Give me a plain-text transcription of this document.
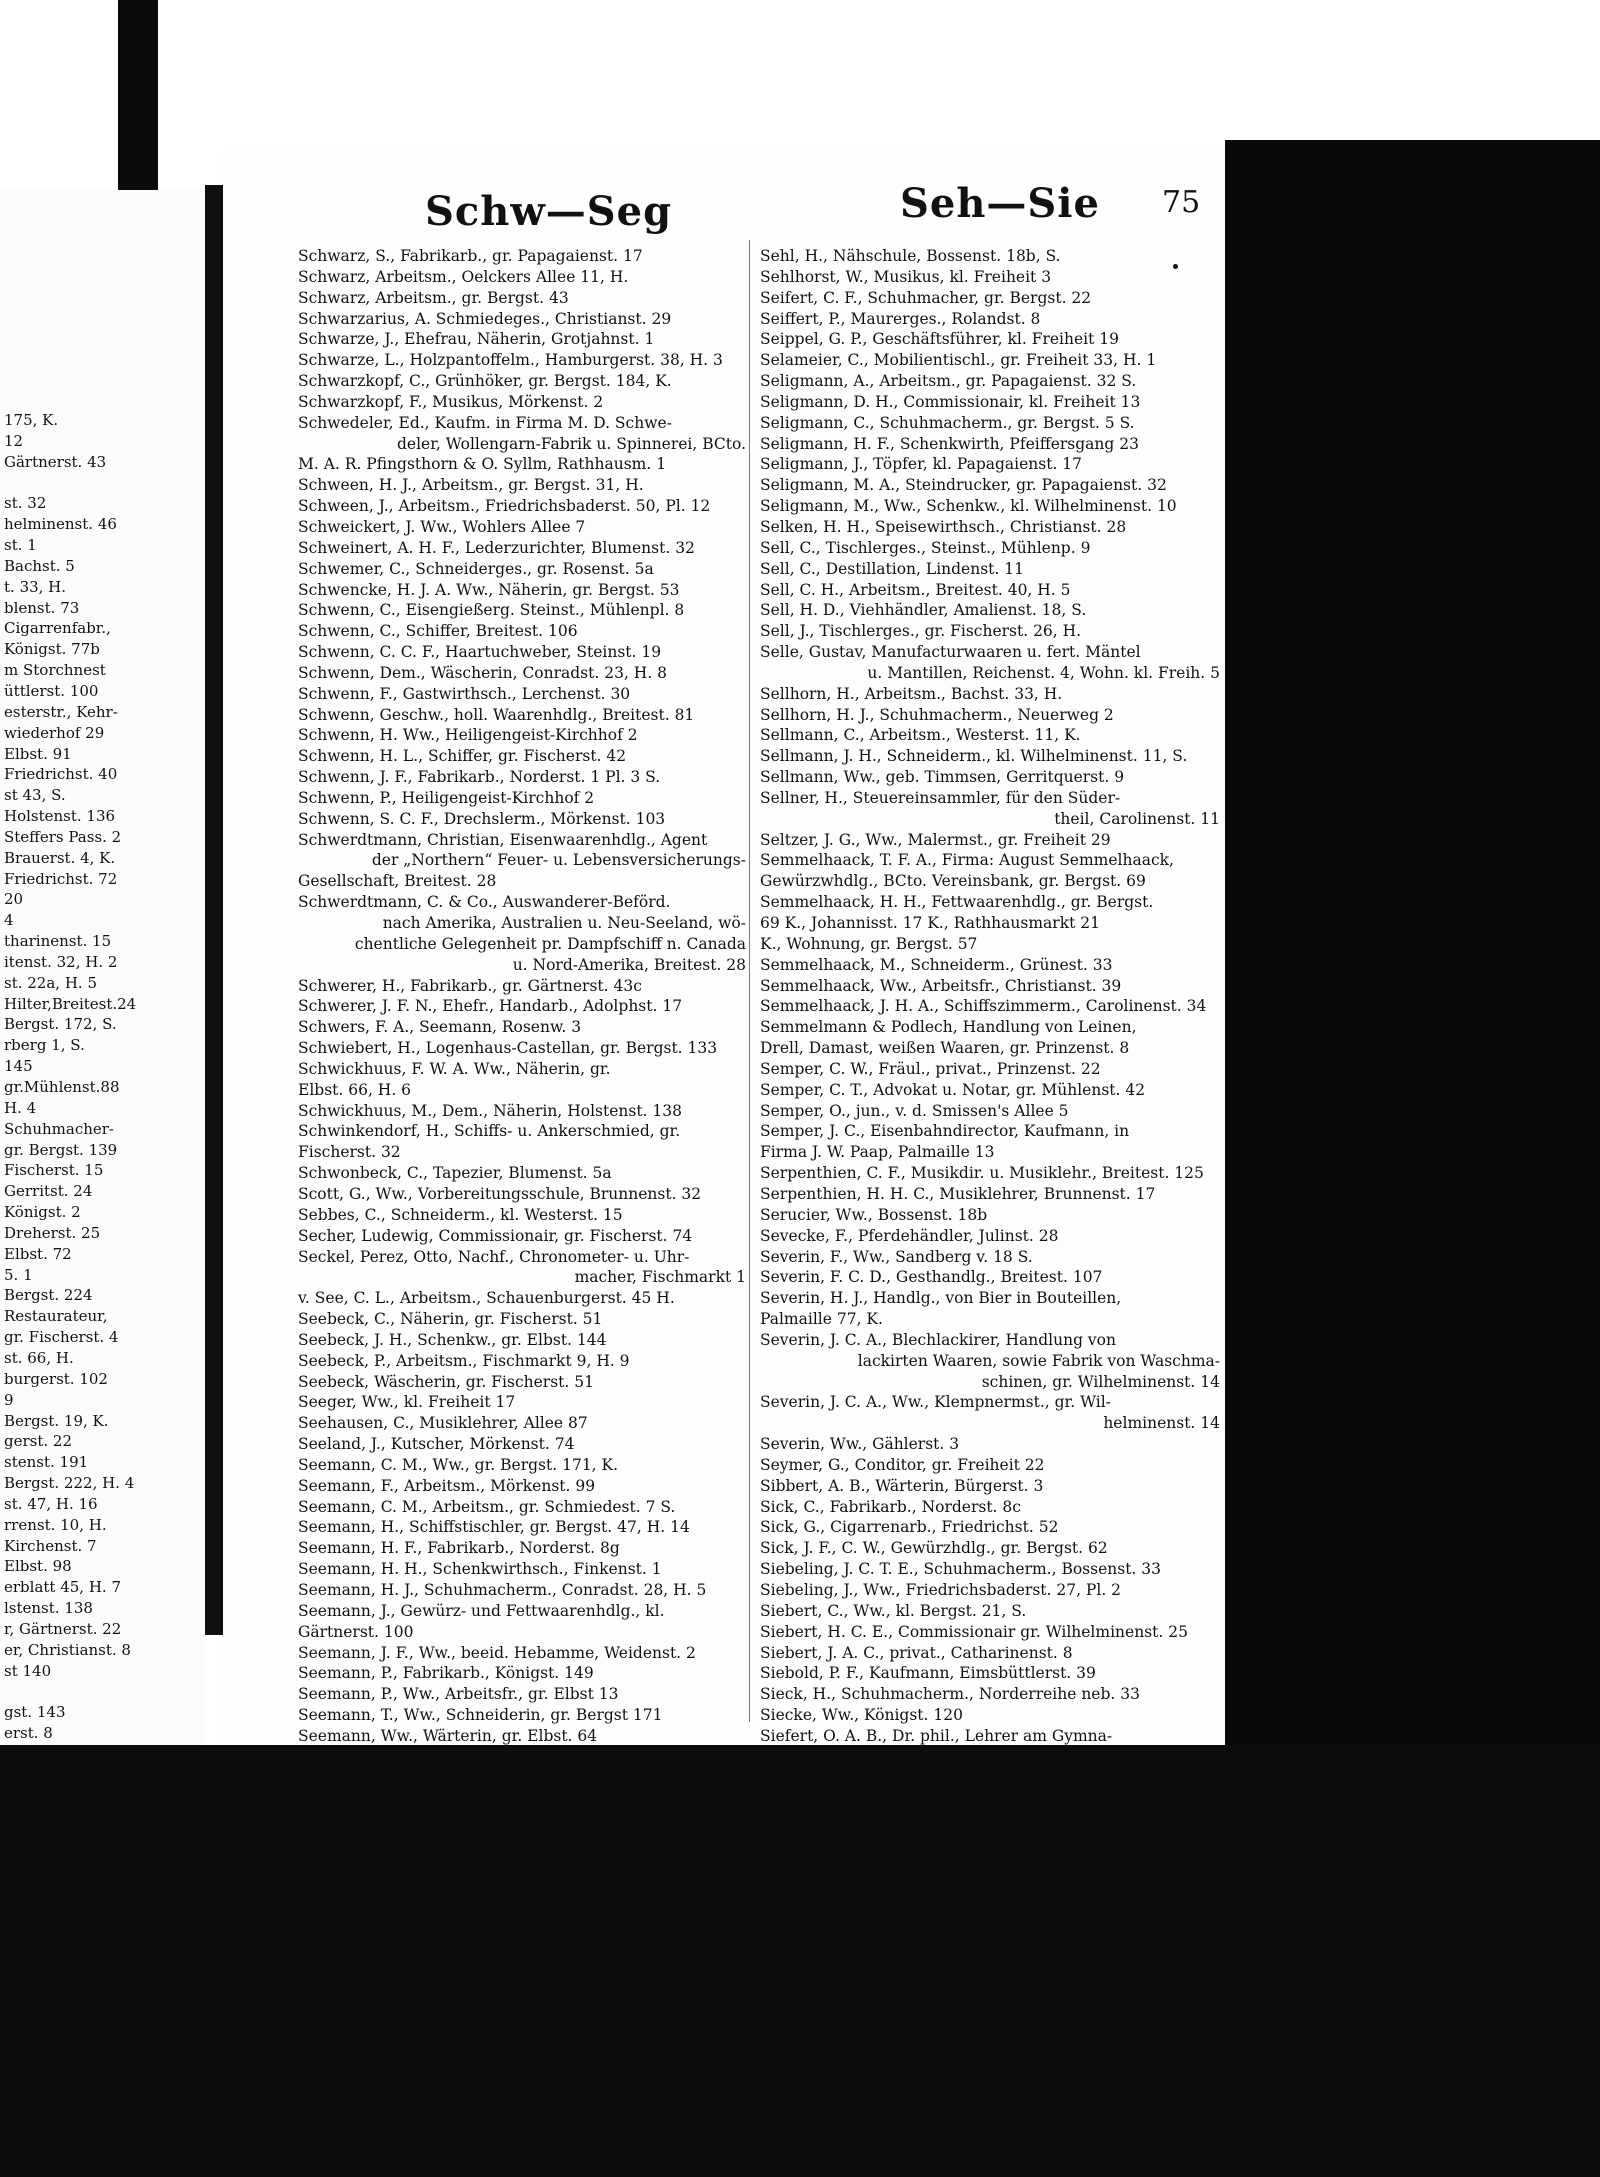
175, K.
12
Gärtnerst. 43
st. 32
helminenst. 46
st. 1
Bachst. 5
t. 33, H.
blenst. 73
Cigarrenfabr.,
Königst. 77b
m Storchnest
üttlerst. 100
esterstr., Kehr-
wiederhof 29
Elbst. 91
Friedrichst. 40
st 43, S.
Holstenst. 136
Steffers Pass. 2
Brauerst. 4, K.
Friedrichst. 72
20
4
tharinenst. 15
itenst. 32, H. 2
st. 22a, H. 5
Hilter,Breitest.24
Bergst. 172, S.
rberg 1, S.
145
gr.Mühlenst.88
H. 4
Schuhmacher-
gr. Bergst. 139
Fischerst. 15
Gerritst. 24
Königst. 2
Dreherst. 25
Elbst. 72
5. 1
Bergst. 224
Restaurateur,
gr. Fischerst. 4
st. 66, H.
burgerst. 102
9
Bergst. 19, K.
gerst. 22
stenst. 191
Bergst. 222, H. 4
st. 47, H. 16
rrenst. 10, H.
Kirchenst. 7
Elbst. 98
erblatt 45, H. 7
lstenst. 138
r, Gärtnerst. 22
er, Christianst. 8
st 140
gst. 143
erst. 8
Schw—Seg	Seh—Sie 75
Schwarz, S., Fabrikarb., gr. Papagaienst. 17
Schwarz, Arbeitsm., Oelckers Allee 11, H.
Schwarz, Arbeitsm., gr. Bergst. 43
Schwarzarius, A. Schmiedeges., Christianst. 29
Schwarze, J., Ehefrau, Näherin, Grotjahnst. 1
Schwarze, L., Holzpantoffelm., Hamburgerst. 38, H. 3
Schwarzkopf, C., Grünhöker, gr. Bergst. 184, K.
Schwarzkopf, F., Musikus, Mörkenst. 2
Schwedeler, Ed., Kaufm. in Firma M. D. Schwe-
deler, Wollengarn-Fabrik u. Spinnerei, BCto.
M. A. R. Pfingsthorn & O. Syllm, Rathhausm. 1
Schween, H. J., Arbeitsm., gr. Bergst. 31, H.
Schween, J., Arbeitsm., Friedrichsbaderst. 50, Pl. 12
Schweickert, J. Ww., Wohlers Allee 7
Schweinert, A. H. F., Lederzurichter, Blumenst. 32
Schwemer, C., Schneiderges., gr. Rosenst. 5a
Schwencke, H. J. A. Ww., Näherin, gr. Bergst. 53
Schwenn, C., Eisengießerg. Steinst., Mühlenpl. 8
Schwenn, C., Schiffer, Breitest. 106
Schwenn, C. C. F., Haartuchweber, Steinst. 19
Schwenn, Dem., Wäscherin, Conradst. 23, H. 8
Schwenn, F., Gastwirthsch., Lerchenst. 30
Schwenn, Geschw., holl. Waarenhdlg., Breitest. 81
Schwenn, H. Ww., Heiligengeist-Kirchhof 2
Schwenn, H. L., Schiffer, gr. Fischerst. 42
Schwenn, J. F., Fabrikarb., Norderst. 1 Pl. 3 S.
Schwenn, P., Heiligengeist-Kirchhof 2
Schwenn, S. C. F., Drechslerm., Mörkenst. 103
Schwerdtmann, Christian, Eisenwaarenhdlg., Agent
der „Northern“ Feuer- u. Lebensversicherungs-
Gesellschaft, Breitest. 28
Schwerdtmann, C. & Co., Auswanderer-Beförd.
nach Amerika, Australien u. Neu-Seeland, wö-
chentliche Gelegenheit pr. Dampfschiff n. Canada
u. Nord-Amerika, Breitest. 28
Schwerer, H., Fabrikarb., gr. Gärtnerst. 43c
Schwerer, J. F. N., Ehefr., Handarb., Adolphst. 17
Schwers, F. A., Seemann, Rosenw. 3
Schwiebert, H., Logenhaus-Castellan, gr. Bergst. 133
Schwickhuus, F. W. A. Ww., Näherin, gr.
Elbst. 66, H. 6
Schwickhuus, M., Dem., Näherin, Holstenst. 138
Schwinkendorf, H., Schiffs- u. Ankerschmied, gr.
Fischerst. 32
Schwonbeck, C., Tapezier, Blumenst. 5a
Scott, G., Ww., Vorbereitungsschule, Brunnenst. 32
Sebbes, C., Schneiderm., kl. Westerst. 15
Secher, Ludewig, Commissionair, gr. Fischerst. 74
Seckel, Perez, Otto, Nachf., Chronometer- u. Uhr-
macher, Fischmarkt 1
v. See, C. L., Arbeitsm., Schauenburgerst. 45 H.
Seebeck, C., Näherin, gr. Fischerst. 51
Seebeck, J. H., Schenkw., gr. Elbst. 144
Seebeck, P., Arbeitsm., Fischmarkt 9, H. 9
Seebeck, Wäscherin, gr. Fischerst. 51
Seeger, Ww., kl. Freiheit 17
Seehausen, C., Musiklehrer, Allee 87
Seeland, J., Kutscher, Mörkenst. 74
Seemann, C. M., Ww., gr. Bergst. 171, K.
Seemann, F., Arbeitsm., Mörkenst. 99
Seemann, C. M., Arbeitsm., gr. Schmiedest. 7 S.
Seemann, H., Schiffstischler, gr. Bergst. 47, H. 14
Seemann, H. F., Fabrikarb., Norderst. 8g
Seemann, H. H., Schenkwirthsch., Finkenst. 1
Seemann, H. J., Schuhmacherm., Conradst. 28, H. 5
Seemann, J., Gewürz- und Fettwaarenhdlg., kl.
Gärtnerst. 100
Seemann, J. F., Ww., beeid. Hebamme, Weidenst. 2
Seemann, P., Fabrikarb., Königst. 149
Seemann, P., Ww., Arbeitsfr., gr. Elbst 13
Seemann, T., Ww., Schneiderin, gr. Bergst 171
Seemann, Ww., Wärterin, gr. Elbst. 64
Sehl, H., Nähschule, Bossenst. 18b, S.
Sehlhorst, W., Musikus, kl. Freiheit 3
Seifert, C. F., Schuhmacher, gr. Bergst. 22
Seiffert, P., Maurerges., Rolandst. 8
Seippel, G. P., Geschäftsführer, kl. Freiheit 19
Selameier, C., Mobilientischl., gr. Freiheit 33, H. 1
Seligmann, A., Arbeitsm., gr. Papagaienst. 32 S.
Seligmann, D. H., Commissionair, kl. Freiheit 13
Seligmann, C., Schuhmacherm., gr. Bergst. 5 S.
Seligmann, H. F., Schenkwirth, Pfeiffersgang 23
Seligmann, J., Töpfer, kl. Papagaienst. 17
Seligmann, M. A., Steindrucker, gr. Papagaienst. 32
Seligmann, M., Ww., Schenkw., kl. Wilhelminenst. 10
Selken, H. H., Speisewirthsch., Christianst. 28
Sell, C., Tischlerges., Steinst., Mühlenp. 9
Sell, C., Destillation, Lindenst. 11
Sell, C. H., Arbeitsm., Breitest. 40, H. 5
Sell, H. D., Viehhändler, Amalienst. 18, S.
Sell, J., Tischlerges., gr. Fischerst. 26, H.
Selle, Gustav, Manufacturwaaren u. fert. Mäntel
u. Mantillen, Reichenst. 4, Wohn. kl. Freih. 5
Sellhorn, H., Arbeitsm., Bachst. 33, H.
Sellhorn, H. J., Schuhmacherm., Neuerweg 2
Sellmann, C., Arbeitsm., Westerst. 11, K.
Sellmann, J. H., Schneiderm., kl. Wilhelminenst. 11, S.
Sellmann, Ww., geb. Timmsen, Gerritquerst. 9
Sellner, H., Steuereinsammler, für den Süder-
theil, Carolinenst. 11
Seltzer, J. G., Ww., Malermst., gr. Freiheit 29
Semmelhaack, T. F. A., Firma: August Semmelhaack,
Gewürzwhdlg., BCto. Vereinsbank, gr. Bergst. 69
Semmelhaack, H. H., Fettwaarenhdlg., gr. Bergst.
69 K., Johannisst. 17 K., Rathhausmarkt 21
K., Wohnung, gr. Bergst. 57
Semmelhaack, M., Schneiderm., Grünest. 33
Semmelhaack, Ww., Arbeitsfr., Christianst. 39
Semmelhaack, J. H. A., Schiffszimmerm., Carolinenst. 34
Semmelmann & Podlech, Handlung von Leinen,
Drell, Damast, weißen Waaren, gr. Prinzenst. 8
Semper, C. W., Fräul., privat., Prinzenst. 22
Semper, C. T., Advokat u. Notar, gr. Mühlenst. 42
Semper, O., jun., v. d. Smissen's Allee 5
Semper, J. C., Eisenbahndirector, Kaufmann, in
Firma J. W. Paap, Palmaille 13
Serpenthien, C. F., Musikdir. u. Musiklehr., Breitest. 125
Serpenthien, H. H. C., Musiklehrer, Brunnenst. 17
Serucier, Ww., Bossenst. 18b
Sevecke, F., Pferdehändler, Julinst. 28
Severin, F., Ww., Sandberg v. 18 S.
Severin, F. C. D., Gesthandlg., Breitest. 107
Severin, H. J., Handlg., von Bier in Bouteillen,
Palmaille 77, K.
Severin, J. C. A., Blechlackirer, Handlung von
lackirten Waaren, sowie Fabrik von Waschma-
schinen, gr. Wilhelminenst. 14
Severin, J. C. A., Ww., Klempnermst., gr. Wil-
helminenst. 14
Severin, Ww., Gählerst. 3
Seymer, G., Conditor, gr. Freiheit 22
Sibbert, A. B., Wärterin, Bürgerst. 3
Sick, C., Fabrikarb., Norderst. 8c
Sick, G., Cigarrenarb., Friedrichst. 52
Sick, J. F., C. W., Gewürzhdlg., gr. Bergst. 62
Siebeling, J. C. T. E., Schuhmacherm., Bossenst. 33
Siebeling, J., Ww., Friedrichsbaderst. 27, Pl. 2
Siebert, C., Ww., kl. Bergst. 21, S.
Siebert, H. C. E., Commissionair gr. Wilhelminenst. 25
Siebert, J. A. C., privat., Catharinenst. 8
Siebold, P. F., Kaufmann, Eimsbüttlerst. 39
Sieck, H., Schuhmacherm., Norderreihe neb. 33
Siecke, Ww., Königst. 120
Siefert, O. A. B., Dr. phil., Lehrer am Gymna-
